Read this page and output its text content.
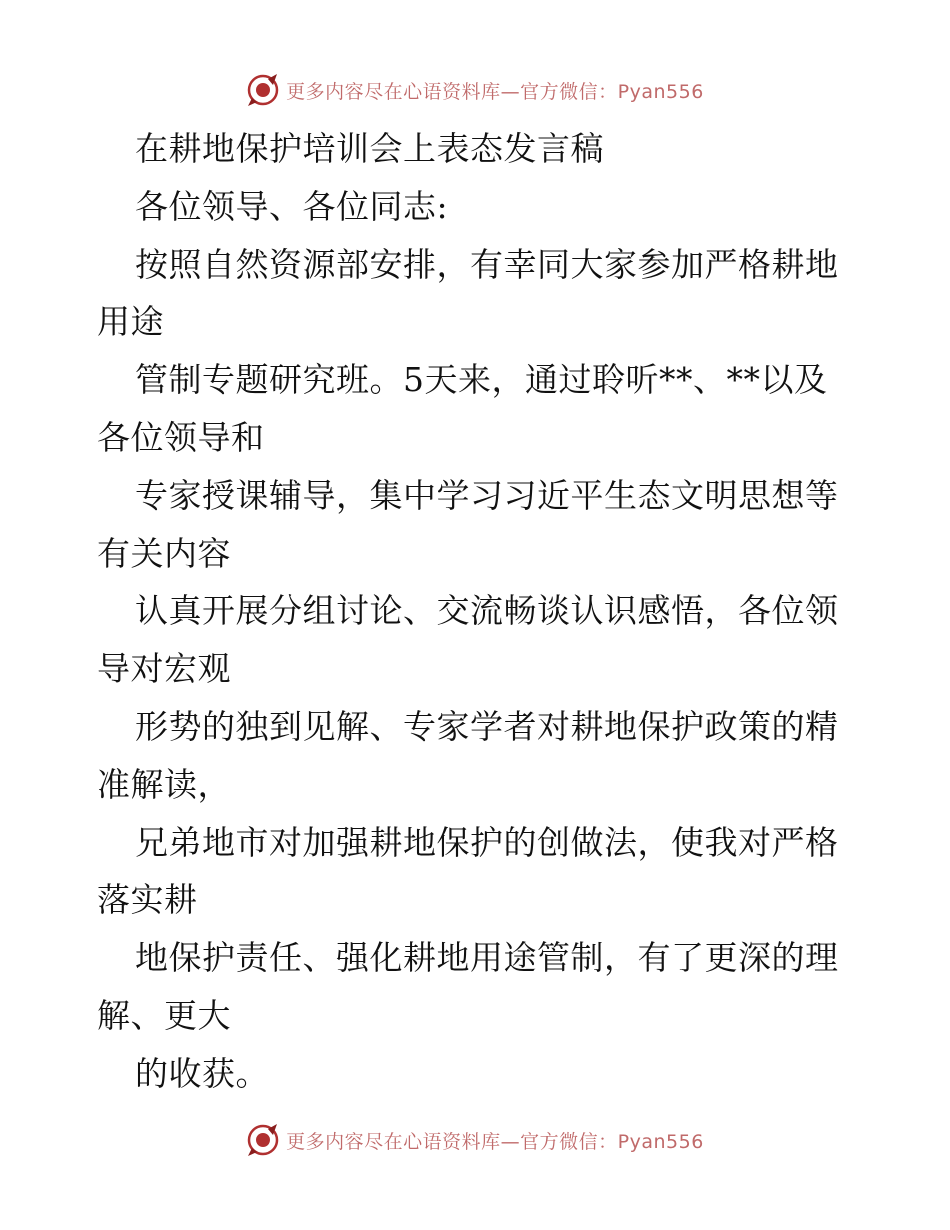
更多内容尽在心语资料库—官方微信：Pyan556
在耕地保护培训会上表态发言稿
各位领导、各位同志:
按照自然资源部安排，有幸同大家参加严格耕地
用途
管制专题研究班。5天来，通过聆听**、**以及
各位领导和
专家授课辅导，集中学习习近平生态文明思想等
有关内容
认真开展分组讨论、交流畅谈认识感悟，各位领
导对宏观
形势的独到见解、专家学者对耕地保护政策的精
准解读，
兄弟地市对加强耕地保护的创做法，使我对严格
落实耕
地保护责任、强化耕地用途管制，有了更深的理
解、更大
的收获。
更多内容尽在心语资料库—官方微信：Pyan556
